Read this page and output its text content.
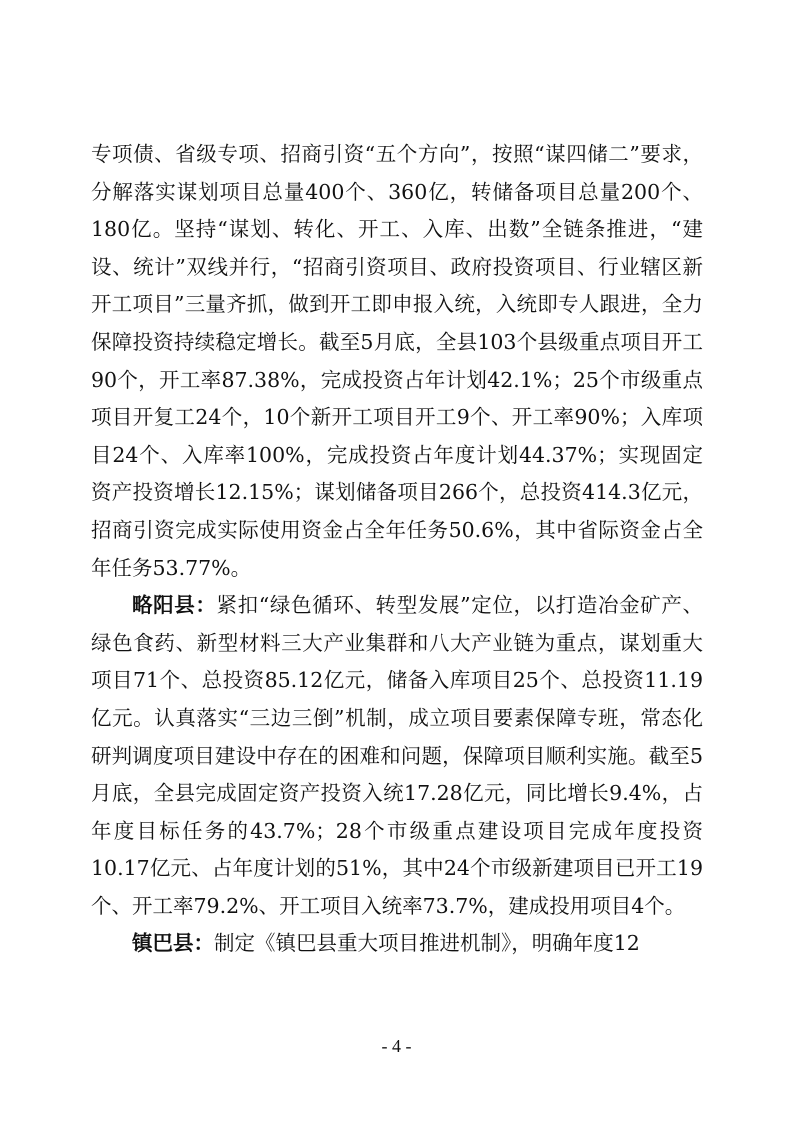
专项债、省级专项、招商引资“五个方向”，按照“谋四储二”要求，分解落实谋划项目总量400个、360亿，转储备项目总量200个、180亿。坚持“谋划、转化、开工、入库、出数”全链条推进，“建设、统计”双线并行，“招商引资项目、政府投资项目、行业辖区新开工项目”三量齐抓，做到开工即申报入统，入统即专人跟进，全力保障投资持续稳定增长。截至5月底，全县103个县级重点项目开工90个，开工率87.38%，完成投资占年计划42.1%；25个市级重点项目开复工24个，10个新开工项目开工9个、开工率90%；入库项目24个、入库率100%，完成投资占年度计划44.37%；实现固定资产投资增长12.15%；谋划储备项目266个，总投资414.3亿元，招商引资完成实际使用资金占全年任务50.6%，其中省际资金占全年任务53.77%。

略阳县：紧扣“绿色循环、转型发展”定位，以打造冶金矿产、绿色食药、新型材料三大产业集群和八大产业链为重点，谋划重大项目71个、总投资85.12亿元，储备入库项目25个、总投资11.19亿元。认真落实“三边三倒”机制，成立项目要素保障专班，常态化研判调度项目建设中存在的困难和问题，保障项目顺利实施。截至5月底，全县完成固定资产投资入统17.28亿元，同比增长9.4%，占年度目标任务的43.7%；28个市级重点建设项目完成年度投资10.17亿元、占年度计划的51%，其中24个市级新建项目已开工19个、开工率79.2%、开工项目入统率73.7%，建成投用项目4个。

镇巴县：制定《镇巴县重大项目推进机制》，明确年度12

- 4 -
